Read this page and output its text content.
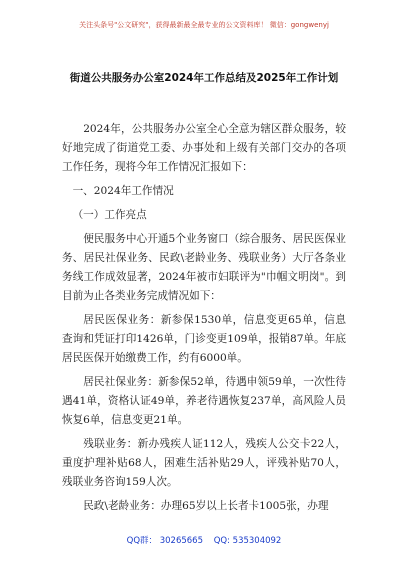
关注头条号"公文研究"，获得最新最全最专业的公文资料库！ 微信：gongwenyj
街道公共服务办公室2024年工作总结及2025年工作计划

2024年，公共服务办公室全心全意为辖区群众服务，较好地完成了街道党工委、办事处和上级有关部门交办的各项工作任务，现将今年工作情况汇报如下：

一、2024年工作情况

（一）工作亮点

便民服务中心开通5个业务窗口（综合服务、居民医保业务、居民社保业务、民政\老龄业务、残联业务）大厅各条业务线工作成效显著，2024年被市妇联评为"巾帼文明岗"。到目前为止各类业务完成情况如下：

居民医保业务：新参保1530单，信息变更65单，信息查询和凭证打印1426单，门诊变更109单，报销87单。年底居民医保开始缴费工作，约有6000单。

居民社保业务：新参保52单，待遇申领59单，一次性待遇41单，资格认证49单，养老待遇恢复237单，高风险人员恢复6单，信息变更21单。

残联业务：新办残疾人证112人，残疾人公交卡22人，重度护理补贴68人，困难生活补贴29人，评残补贴70人，残联业务咨询159人次。

民政\老龄业务：办理65岁以上长者卡1005张，办理

QQ群： 30265665 QQ: 535304092
